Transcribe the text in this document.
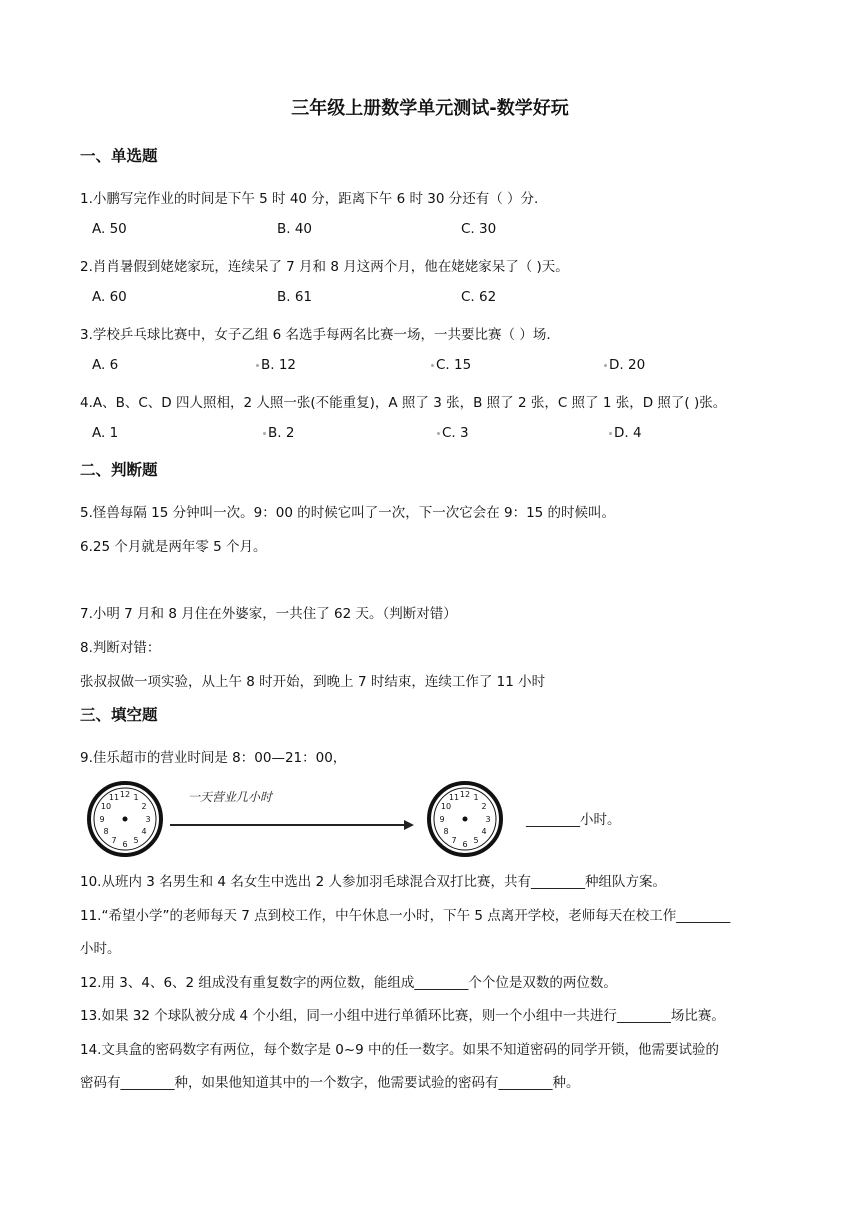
三年级上册数学单元测试-数学好玩
一、单选题
1.小鹏写完作业的时间是下午 5 时 40 分，距离下午 6 时 30 分还有（ ）分.
A. 50	B. 40	C. 30
2.肖肖暑假到姥姥家玩，连续呆了 7 月和 8 月这两个月，他在姥姥家呆了（ )天。
A. 60	B. 61	C. 62
3.学校乒乓球比赛中，女子乙组 6 名选手每两名比赛一场，一共要比赛（ ）场.
A. 6	B. 12	C. 15	D. 20
4.A、B、C、D 四人照相，2 人照一张(不能重复)，A 照了 3 张，B 照了 2 张，C 照了 1 张，D 照了( )张。
A. 1	B. 2	C. 3	D. 4
二、判断题
5.怪兽每隔 15 分钟叫一次。9：00 的时候它叫了一次，下一次它会在 9：15 的时候叫。
6.25 个月就是两年零 5 个月。
7.小明 7 月和 8 月住在外婆家，一共住了 62 天。（判断对错）
8.判断对错：
张叔叔做一项实验，从上午 8 时开始，到晚上 7 时结束，连续工作了 11 小时
三、填空题
9.佳乐超市的营业时间是 8：00—21：00，
12 1
2
3
4
5
6
7
8
9
10
11	一天营业几小时	12 1
2
3
4
5
6
7
8
9
10
11
________小时。
10.从班内 3 名男生和 4 名女生中选出 2 人参加羽毛球混合双打比赛，共有________种组队方案。
11.“希望小学”的老师每天 7 点到校工作，中午休息一小时，下午 5 点离开学校，老师每天在校工作________
小时。
12.用 3、4、6、2 组成没有重复数字的两位数，能组成________个个位是双数的两位数。
13.如果 32 个球队被分成 4 个小组，同一小组中进行单循环比赛，则一个小组中一共进行________场比赛。
14.文具盒的密码数字有两位，每个数字是 0~9 中的任一数字。如果不知道密码的同学开锁，他需要试验的
密码有________种，如果他知道其中的一个数字，他需要试验的密码有________种。
